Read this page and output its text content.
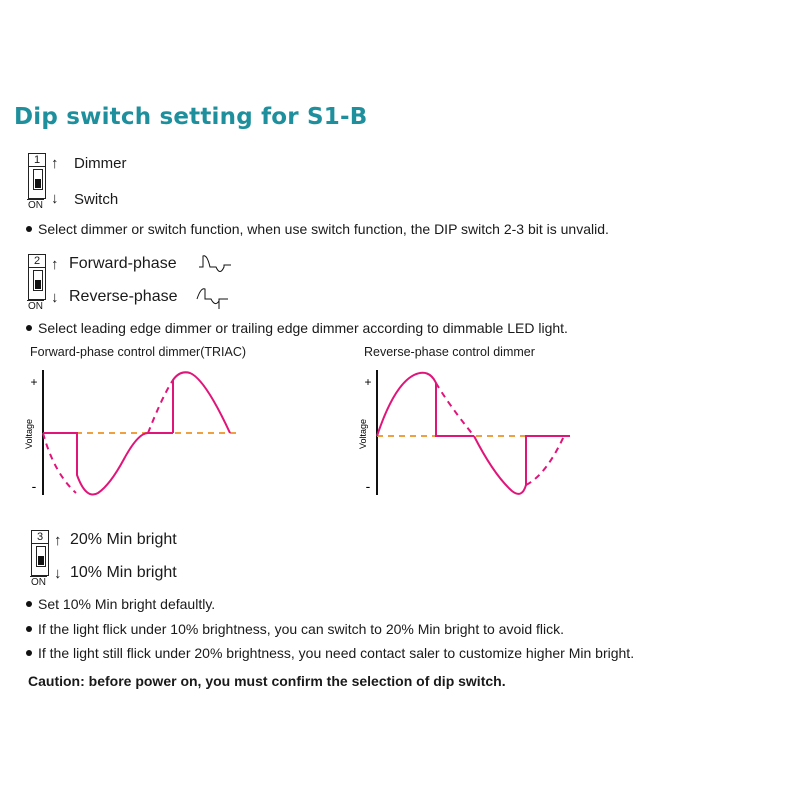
Dip switch setting for S1-B
1
ON
↑ Dimmer
↓ Switch
Select dimmer or switch function, when use switch function, the DIP switch 2-3 bit is unvalid.
2
ON
↑ Forward-phase
↓ Reverse-phase
Select leading edge dimmer or trailing edge dimmer according to dimmable LED light.
Forward-phase control dimmer(TRIAC)	Reverse-phase control dimmer
+
-
Voltage
+
-
Voltage
3
ON
↑ 20% Min bright
↓ 10% Min bright
Set 10% Min bright defaultly.
If the light flick under 10% brightness, you can switch to 20% Min bright to avoid flick.
If the light still flick under 20% brightness, you need contact saler to customize higher Min bright.
Caution: before power on, you must confirm the selection of dip switch.
